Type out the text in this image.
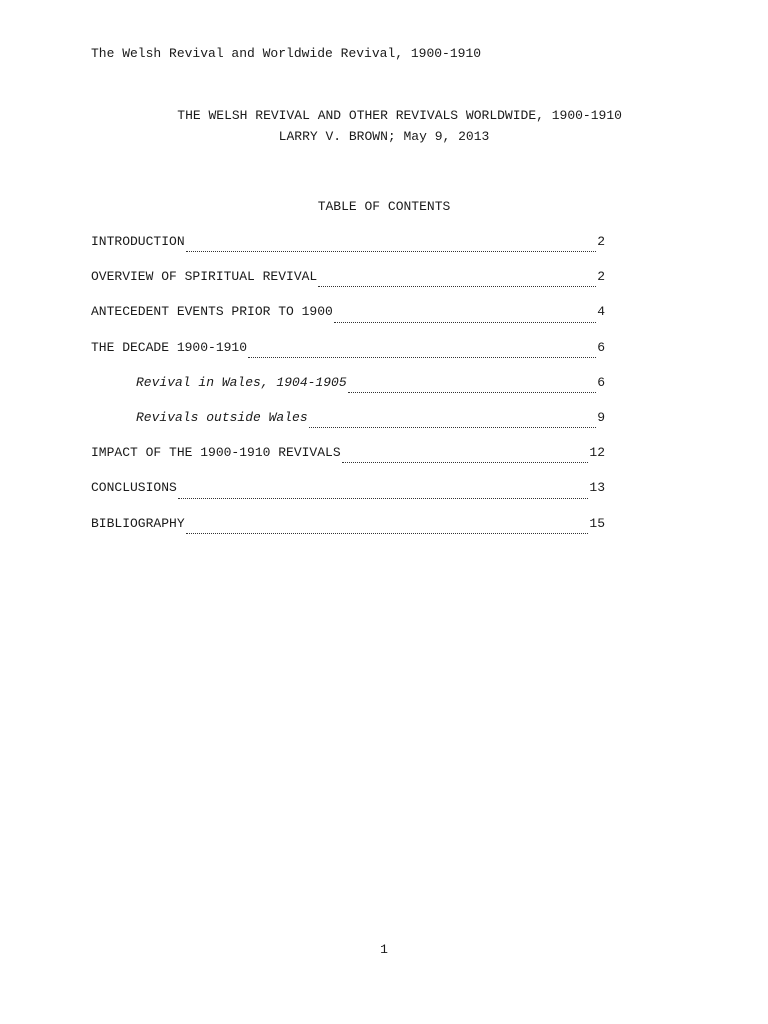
The Welsh Revival and Worldwide Revival, 1900-1910

THE WELSH REVIVAL AND OTHER REVIVALS WORLDWIDE, 1900-1910

LARRY V. BROWN; May 9, 2013
TABLE OF CONTENTS
INTRODUCTION	2
OVERVIEW OF SPIRITUAL REVIVAL	2
ANTECEDENT EVENTS PRIOR TO 1900	4
THE DECADE 1900-1910	6
Revival in Wales, 1904-1905	6
Revivals outside Wales	9
IMPACT OF THE 1900-1910 REVIVALS	12
CONCLUSIONS	13
BIBLIOGRAPHY	15
1
